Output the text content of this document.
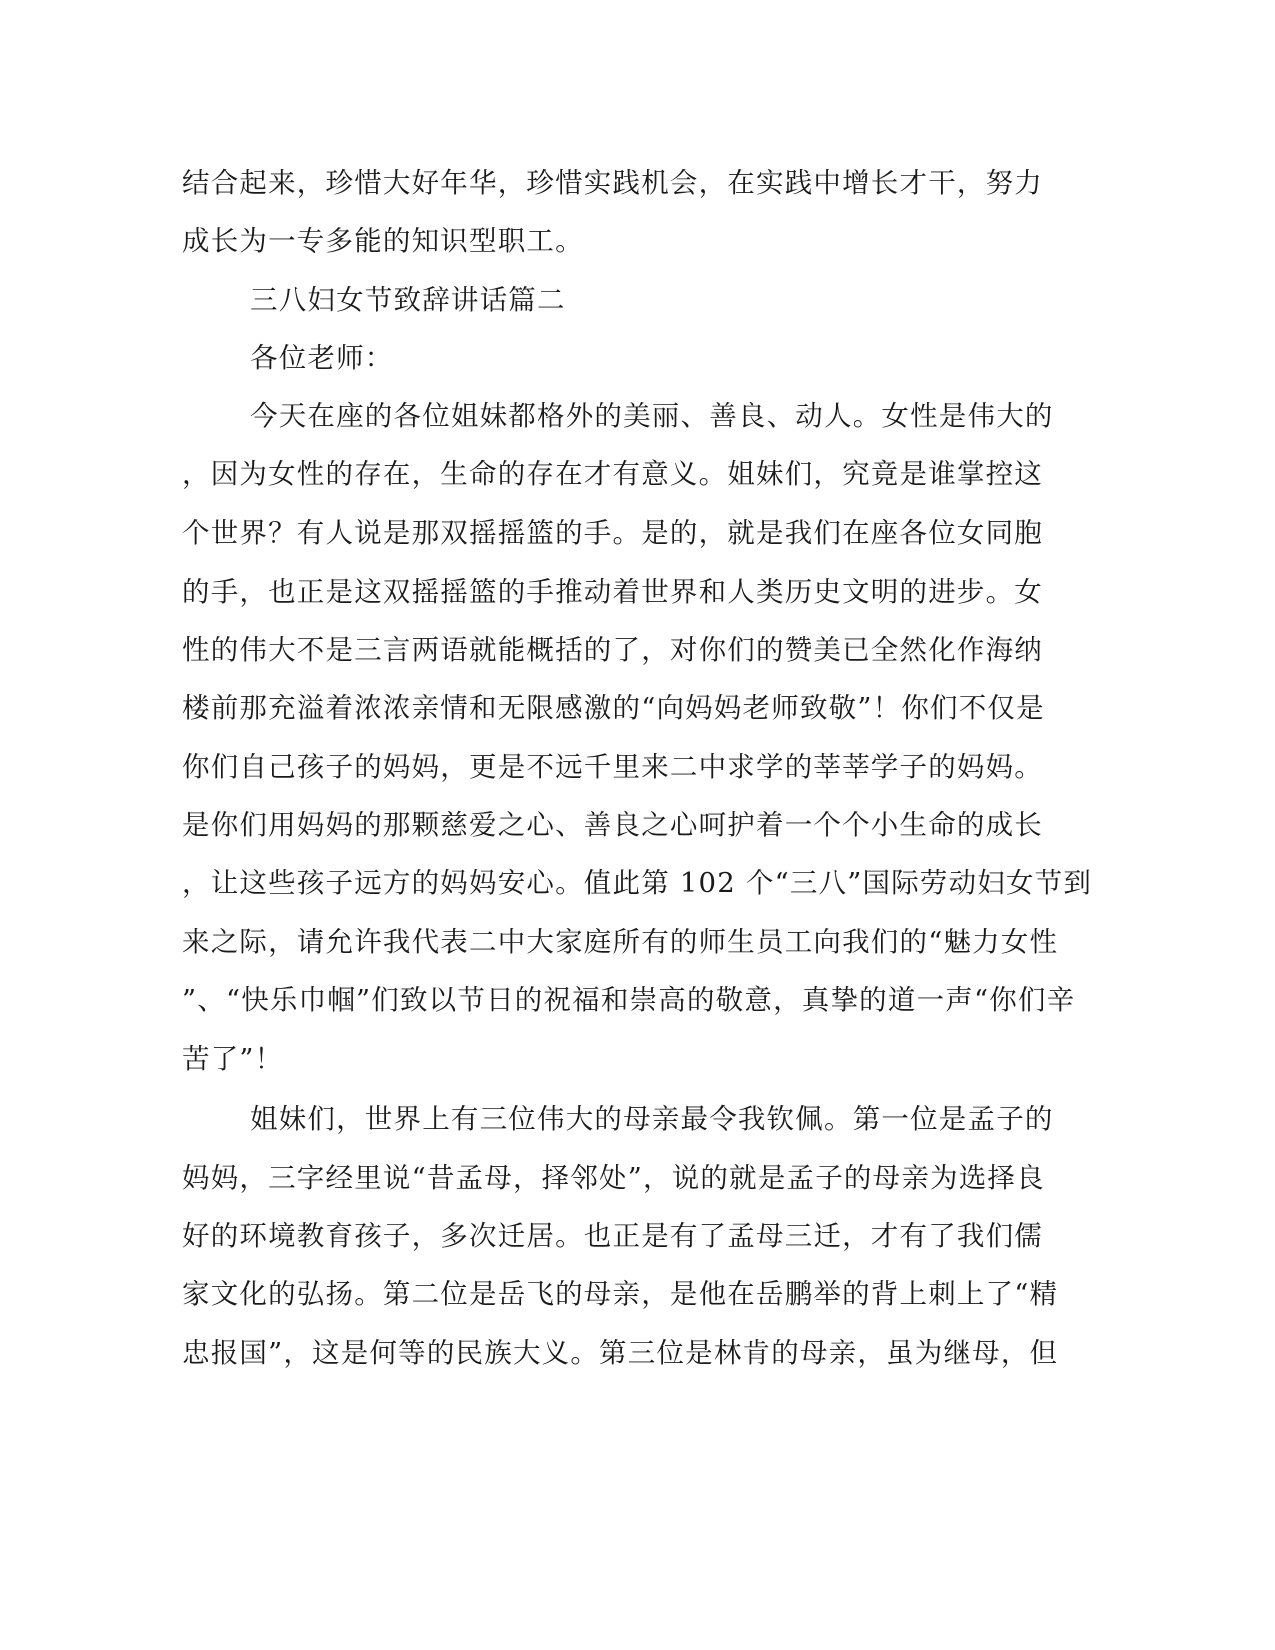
结合起来，珍惜大好年华，珍惜实践机会，在实践中增长才干，努力

成长为一专多能的知识型职工。

三八妇女节致辞讲话篇二

各位老师：

今天在座的各位姐妹都格外的美丽、善良、动人。女性是伟大的

，因为女性的存在，生命的存在才有意义。姐妹们，究竟是谁掌控这

个世界？有人说是那双摇摇篮的手。是的，就是我们在座各位女同胞

的手，也正是这双摇摇篮的手推动着世界和人类历史文明的进步。女

性的伟大不是三言两语就能概括的了，对你们的赞美已全然化作海纳

楼前那充溢着浓浓亲情和无限感激的“向妈妈老师致敬”！你们不仅是

你们自己孩子的妈妈，更是不远千里来二中求学的莘莘学子的妈妈。

是你们用妈妈的那颗慈爱之心、善良之心呵护着一个个小生命的成长

，让这些孩子远方的妈妈安心。值此第 102 个“三八”国际劳动妇女节到

来之际，请允许我代表二中大家庭所有的师生员工向我们的“魅力女性

”、“快乐巾帼”们致以节日的祝福和崇高的敬意，真挚的道一声“你们辛

苦了”！

姐妹们，世界上有三位伟大的母亲最令我钦佩。第一位是孟子的

妈妈，三字经里说“昔孟母，择邻处”，说的就是孟子的母亲为选择良

好的环境教育孩子，多次迁居。也正是有了孟母三迁，才有了我们儒

家文化的弘扬。第二位是岳飞的母亲，是他在岳鹏举的背上刺上了“精

忠报国”，这是何等的民族大义。第三位是林肯的母亲，虽为继母，但
